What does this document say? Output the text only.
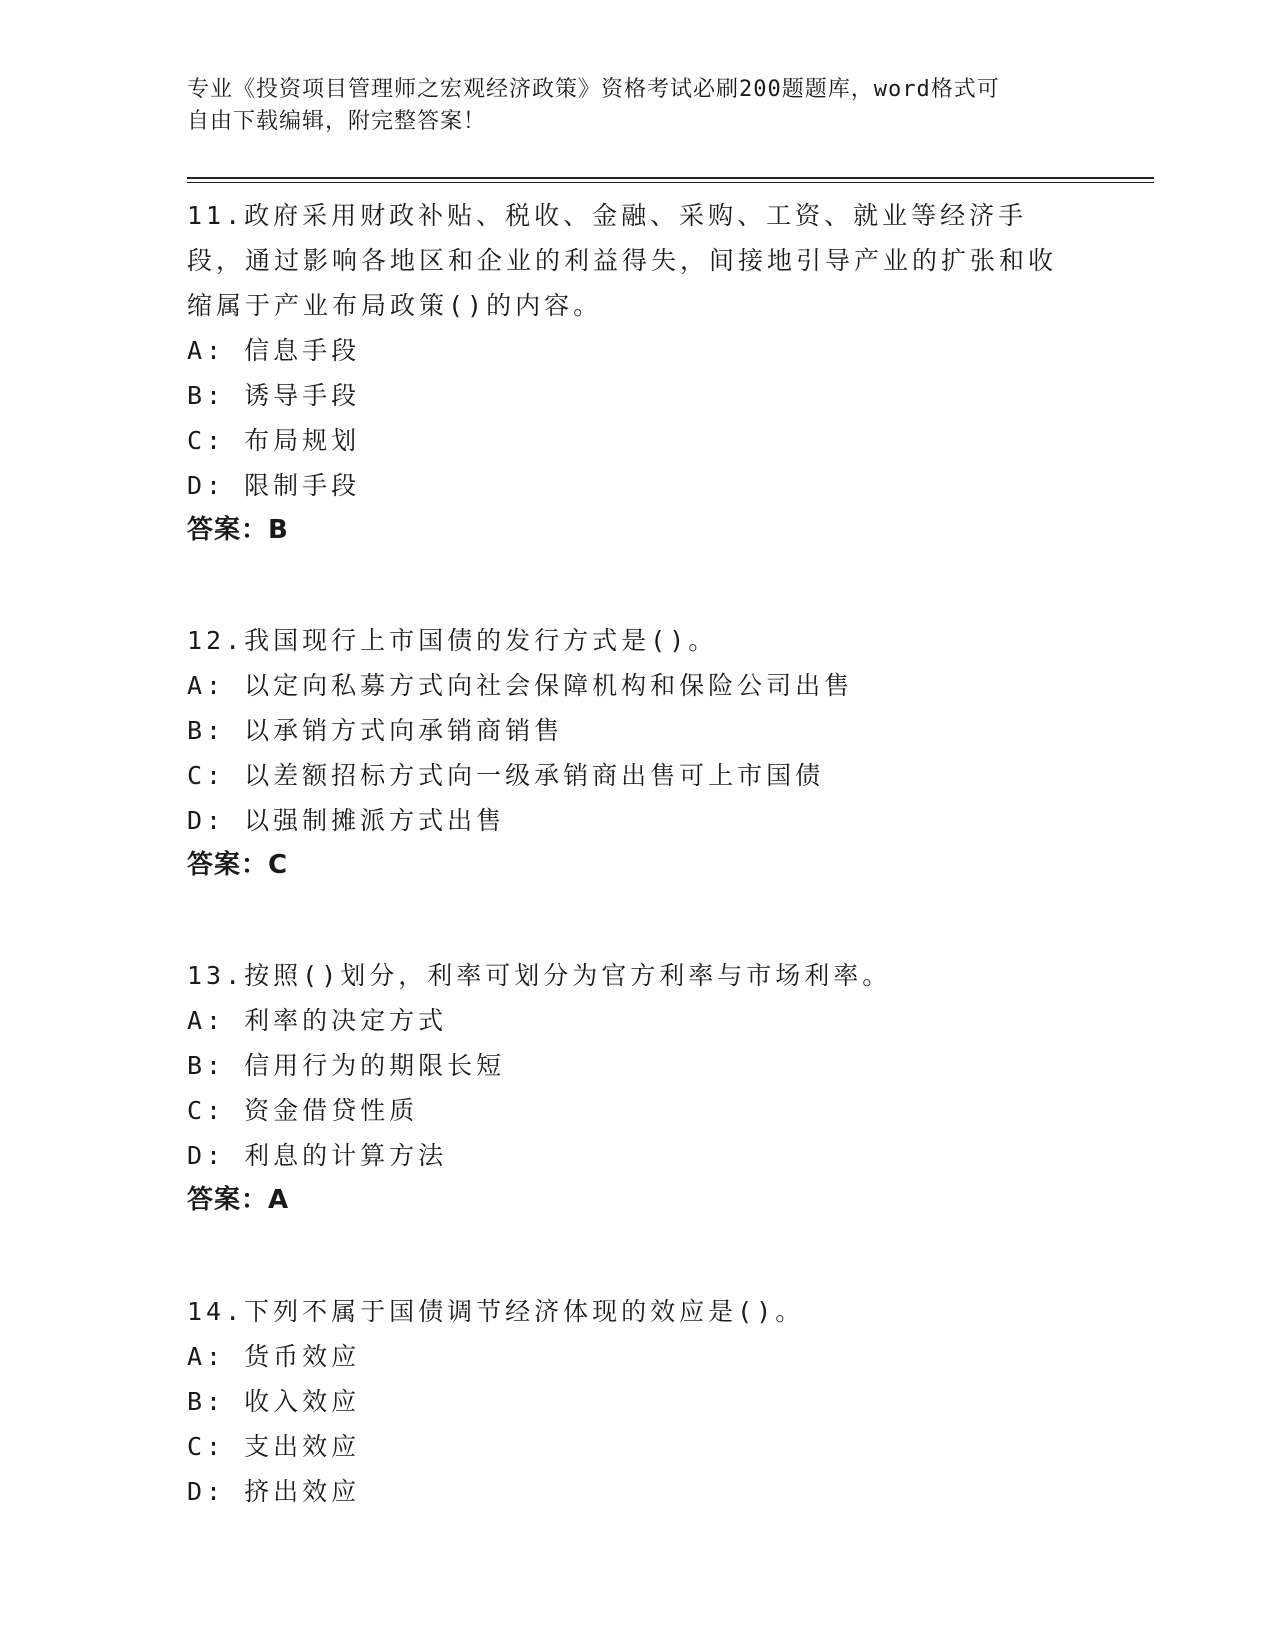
专业《投资项目管理师之宏观经济政策》资格考试必刷200题题库，word格式可
自由下载编辑，附完整答案！

11.政府采用财政补贴、税收、金融、采购、工资、就业等经济手段，通过影响各地区和企业的利益得失，间接地引导产业的扩张和收缩属于产业布局政策()的内容。

A: 信息手段
B: 诱导手段
C: 布局规划
D: 限制手段
答案：B

12.我国现行上市国债的发行方式是()。

A: 以定向私募方式向社会保障机构和保险公司出售
B: 以承销方式向承销商销售
C: 以差额招标方式向一级承销商出售可上市国债
D: 以强制摊派方式出售
答案：C

13.按照()划分，利率可划分为官方利率与市场利率。

A: 利率的决定方式
B: 信用行为的期限长短
C: 资金借贷性质
D: 利息的计算方法
答案：A

14.下列不属于国债调节经济体现的效应是()。

A: 货币效应
B: 收入效应
C: 支出效应
D: 挤出效应
